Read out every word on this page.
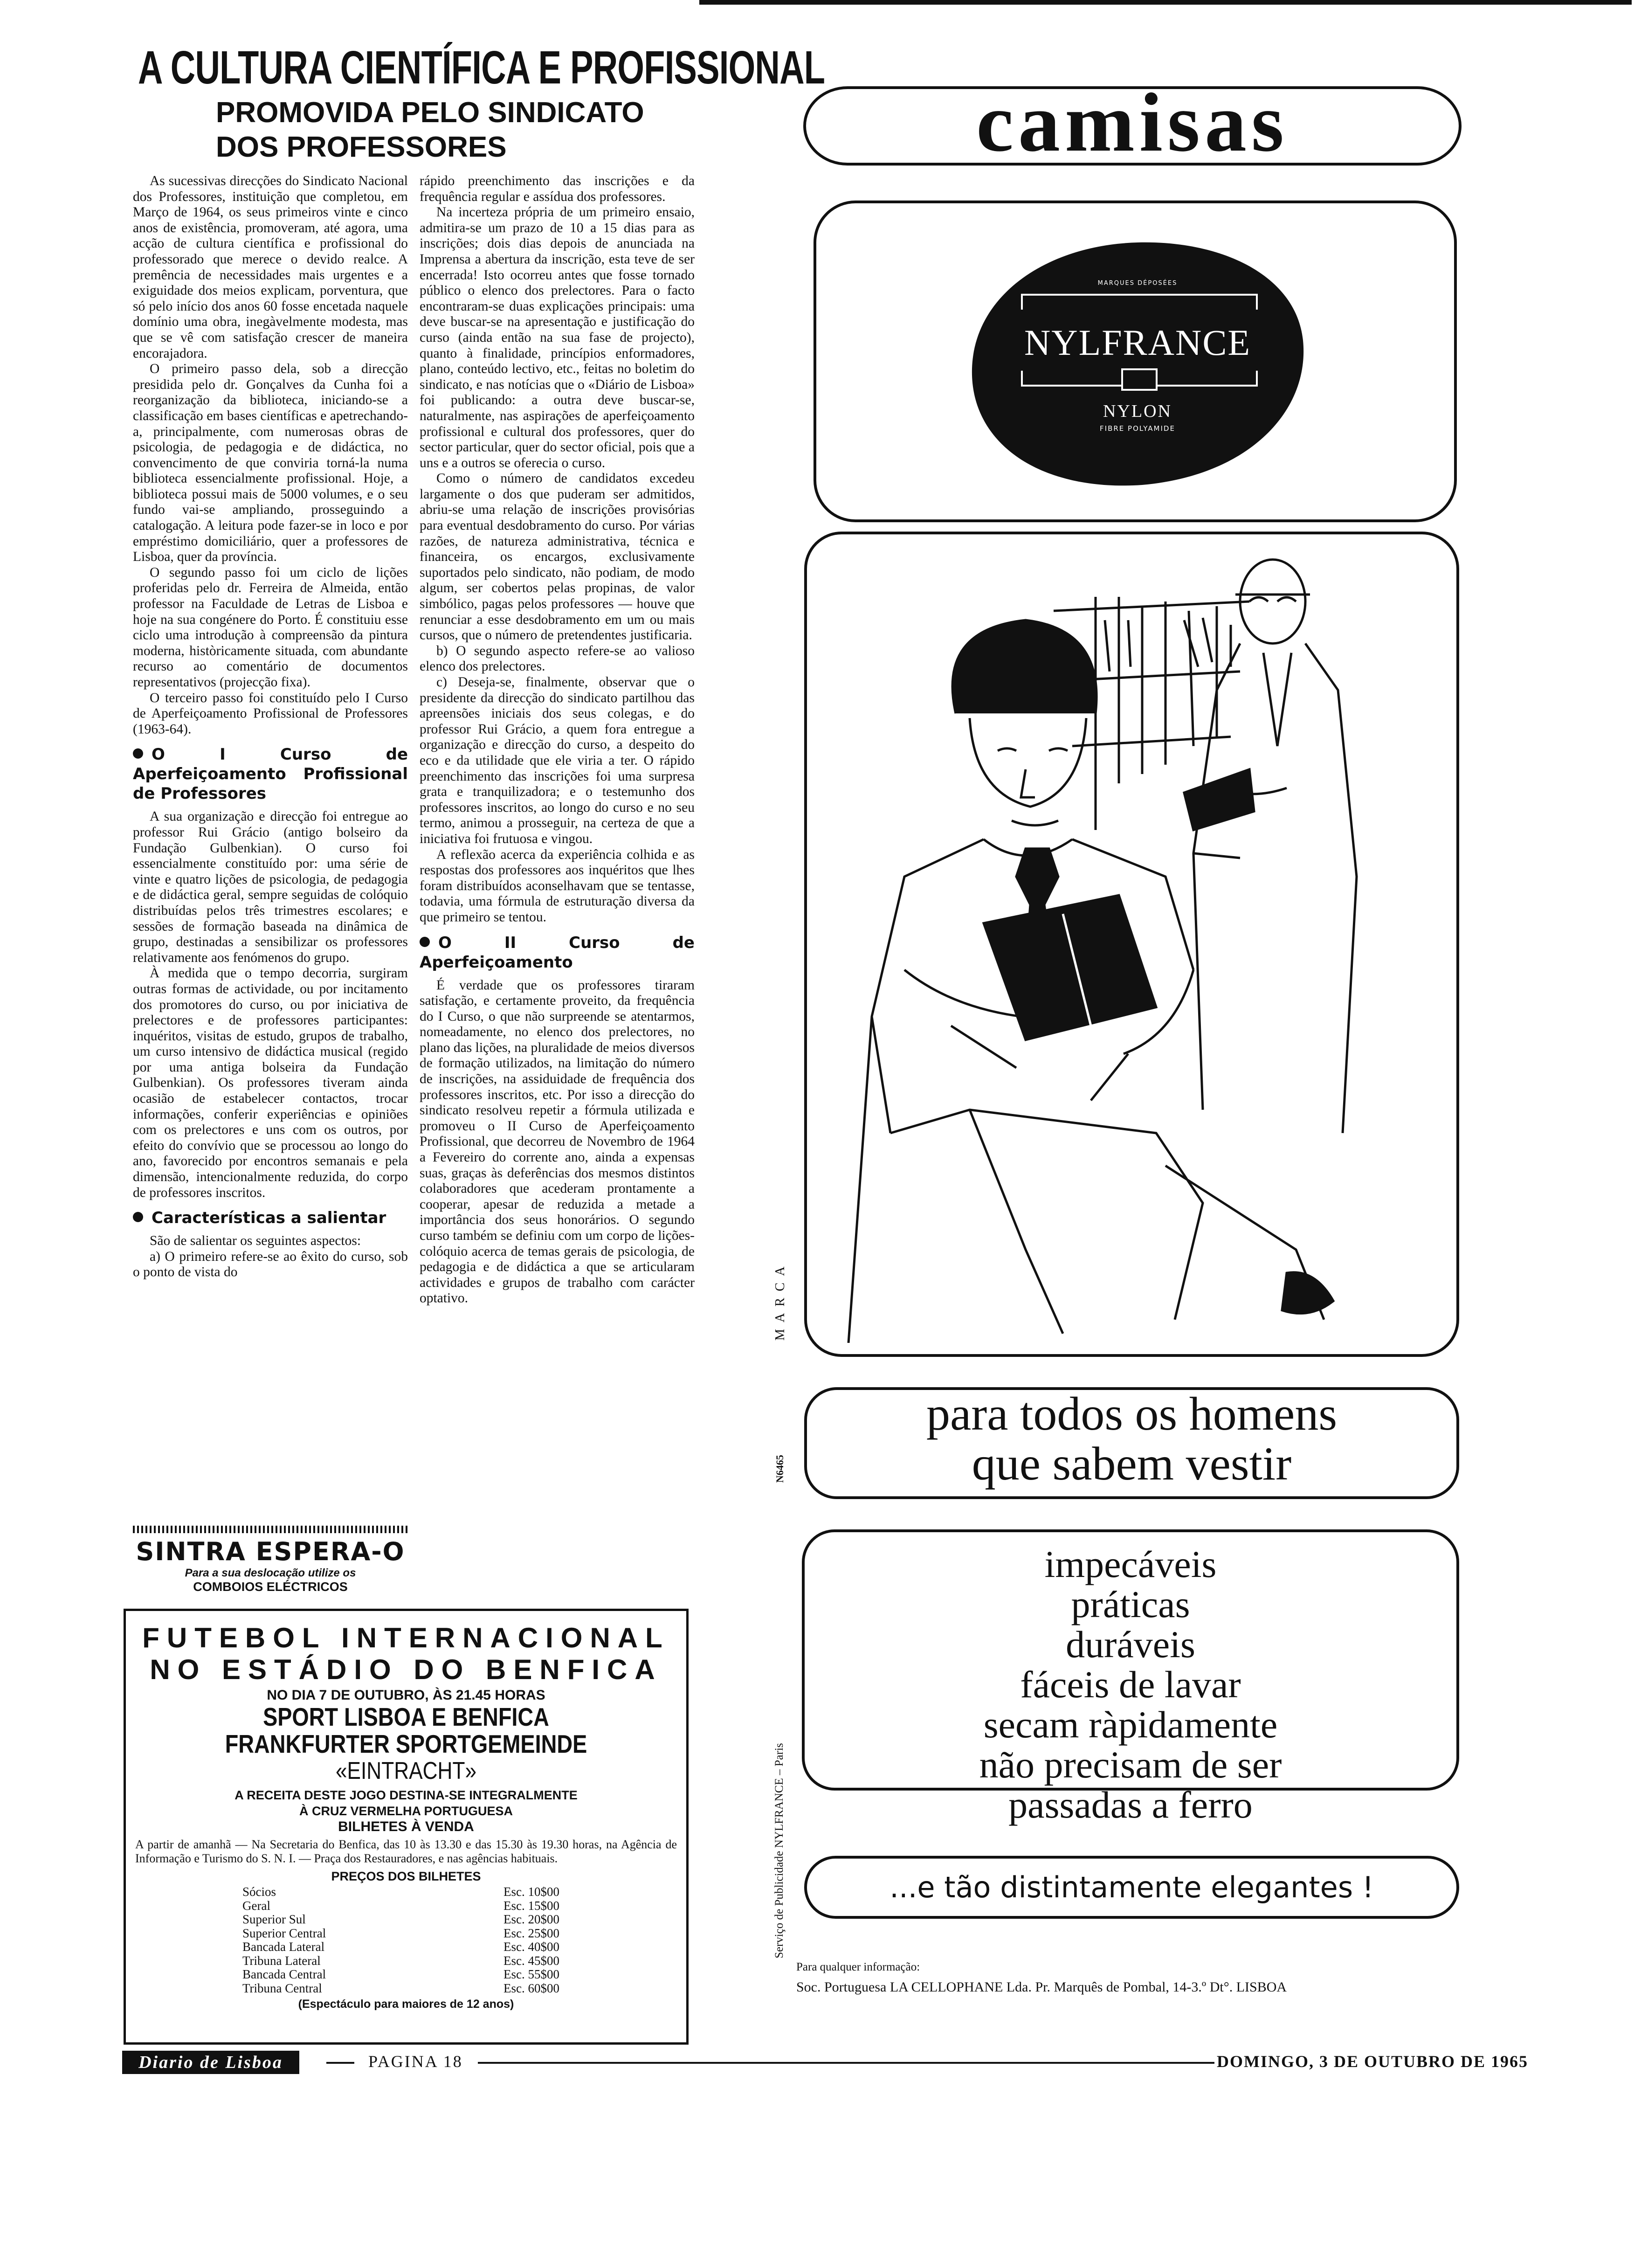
A CULTURA CIENTÍFICA E PROFISSIONAL
PROMOVIDA PELO SINDICATO
DOS PROFESSORES

As sucessivas direcções do Sindicato Nacional dos Professores, instituição que completou, em Março de 1964, os seus primeiros vinte e cinco anos de existência, promoveram, até agora, uma acção de cultura científica e profissional do professorado que merece o devido realce. A premência de necessidades mais urgentes e a exiguidade dos meios explicam, porventura, que só pelo início dos anos 60 fosse encetada naquele domínio uma obra, inegàvelmente modesta, mas que se vê com satisfação crescer de maneira encorajadora.

O primeiro passo dela, sob a direcção presidida pelo dr. Gonçalves da Cunha foi a reorganização da biblioteca, iniciando-se a classificação em bases científicas e apetrechando-a, principalmente, com numerosas obras de psicologia, de pedagogia e de didáctica, no convencimento de que conviria torná-la numa biblioteca essencialmente profissional. Hoje, a biblioteca possui mais de 5000 volumes, e o seu fundo vai-se ampliando, prosseguindo a catalogação. A leitura pode fazer-se in loco e por empréstimo domiciliário, quer a professores de Lisboa, quer da província.

O segundo passo foi um ciclo de lições proferidas pelo dr. Ferreira de Almeida, então professor na Faculdade de Letras de Lisboa e hoje na sua congénere do Porto. É constituiu esse ciclo uma introdução à compreensão da pintura moderna, històricamente situada, com abundante recurso ao comentário de documentos representativos (projecção fixa).

O terceiro passo foi constituído pelo I Curso de Aperfeiçoamento Profissional de Professores (1963-64).

O I Curso de Aperfeiçoamento Profissional de Professores

A sua organização e direcção foi entregue ao professor Rui Grácio (antigo bolseiro da Fundação Gulbenkian). O curso foi essencialmente constituído por: uma série de vinte e quatro lições de psicologia, de pedagogia e de didáctica geral, sempre seguidas de colóquio distribuídas pelos três trimestres escolares; e sessões de formação baseada na dinâmica de grupo, destinadas a sensibilizar os professores relativamente aos fenómenos do grupo.

À medida que o tempo decorria, surgiram outras formas de actividade, ou por incitamento dos promotores do curso, ou por iniciativa de prelectores e de professores participantes: inquéritos, visitas de estudo, grupos de trabalho, um curso intensivo de didáctica musical (regido por uma antiga bolseira da Fundação Gulbenkian). Os professores tiveram ainda ocasião de estabelecer contactos, trocar informações, conferir experiências e opiniões com os prelectores e uns com os outros, por efeito do convívio que se processou ao longo do ano, favorecido por encontros semanais e pela dimensão, intencionalmente reduzida, do corpo de professores inscritos.

Características a salientar

São de salientar os seguintes aspectos:

a) O primeiro refere-se ao êxito do curso, sob o ponto de vista do

rápido preenchimento das inscrições e da frequência regular e assídua dos professores.

Na incerteza própria de um primeiro ensaio, admitira-se um prazo de 10 a 15 dias para as inscrições; dois dias depois de anunciada na Imprensa a abertura da inscrição, esta teve de ser encerrada! Isto ocorreu antes que fosse tornado público o elenco dos prelectores. Para o facto encontraram-se duas explicações principais: uma deve buscar-se na apresentação e justificação do curso (ainda então na sua fase de projecto), quanto à finalidade, princípios enformadores, plano, conteúdo lectivo, etc., feitas no boletim do sindicato, e nas notícias que o «Diário de Lisboa» foi publicando: a outra deve buscar-se, naturalmente, nas aspirações de aperfeiçoamento profissional e cultural dos professores, quer do sector particular, quer do sector oficial, pois que a uns e a outros se oferecia o curso.

Como o número de candidatos excedeu largamente o dos que puderam ser admitidos, abriu-se uma relação de inscrições provisórias para eventual desdobramento do curso. Por várias razões, de natureza administrativa, técnica e financeira, os encargos, exclusivamente suportados pelo sindicato, não podiam, de modo algum, ser cobertos pelas propinas, de valor simbólico, pagas pelos professores — houve que renunciar a esse desdobramento em um ou mais cursos, que o número de pretendentes justificaria.

b) O segundo aspecto refere-se ao valioso elenco dos prelectores.

c) Deseja-se, finalmente, observar que o presidente da direcção do sindicato partilhou das apreensões iniciais dos seus colegas, e do professor Rui Grácio, a quem fora entregue a organização e direcção do curso, a despeito do eco e da utilidade que ele viria a ter. O rápido preenchimento das inscrições foi uma surpresa grata e tranquilizadora; e o testemunho dos professores inscritos, ao longo do curso e no seu termo, animou a prosseguir, na certeza de que a iniciativa foi frutuosa e vingou.

A reflexão acerca da experiência colhida e as respostas dos professores aos inquéritos que lhes foram distribuídos aconselhavam que se tentasse, todavia, uma fórmula de estruturação diversa da que primeiro se tentou.

O II Curso de Aperfeiçoamento

É verdade que os professores tiraram satisfação, e certamente proveito, da frequência do I Curso, o que não surpreende se atentarmos, nomeadamente, no elenco dos prelectores, no plano das lições, na pluralidade de meios diversos de formação utilizados, na limitação do número de inscrições, na assiduidade de frequência dos professores inscritos, etc. Por isso a direcção do sindicato resolveu repetir a fórmula utilizada e promoveu o II Curso de Aperfeiçoamento Profissional, que decorreu de Novembro de 1964 a Fevereiro do corrente ano, ainda a expensas suas, graças às deferências dos mesmos distintos colaboradores que acederam prontamente a cooperar, apesar de reduzida a metade a importância dos seus honorários. O segundo curso também se definiu com um corpo de lições-colóquio acerca de temas gerais de psicologia, de pedagogia e de didáctica a que se articularam actividades e grupos de trabalho com carácter optativo.

SINTRA ESPERA-O
Para a sua deslocação utilize os
COMBOIOS ELÉCTRICOS
FUTEBOL INTERNACIONAL
NO ESTÁDIO DO BENFICA
NO DIA 7 DE OUTUBRO, ÀS 21.45 HORAS
SPORT LISBOA E BENFICA
FRANKFURTER SPORTGEMEINDE
«EINTRACHT»
A RECEITA DESTE JOGO DESTINA-SE INTEGRALMENTE
À CRUZ VERMELHA PORTUGUESA
BILHETES À VENDA
A partir de amanhã — Na Secretaria do Benfica, das 10 às 13.30 e das 15.30 às 19.30 horas, na Agência de Informação e Turismo do S. N. I. — Praça dos Restauradores, e nas agências habituais.
PREÇOS DOS BILHETES
Sócios	Esc. 10$00
Geral	Esc. 15$00
Superior Sul	Esc. 20$00
Superior Central	Esc. 25$00
Bancada Lateral	Esc. 40$00
Tribuna Lateral	Esc. 45$00
Bancada Central	Esc. 55$00
Tribuna Central	Esc. 60$00
(Espectáculo para maiores de 12 anos)
camisas
MARQUES DÉPOSÉES
NYLFRANCE
NYLON
FIBRE POLYAMIDE
para todos os homens
que sabem vestir
impecáveis
práticas
duráveis
fáceis de lavar
secam ràpidamente
não precisam de ser
passadas a ferro
...e tão distintamente elegantes !
Para qualquer informação:
Soc. Portuguesa LA CELLOPHANE Lda. Pr. Marquês de Pombal, 14-3.º Dt°. LISBOA
Serviço de Publicidade NYLFRANCE – Paris
MARCA
N6465
Diario de Lisboa	PAGINA 18	DOMINGO, 3 DE OUTUBRO DE 1965
